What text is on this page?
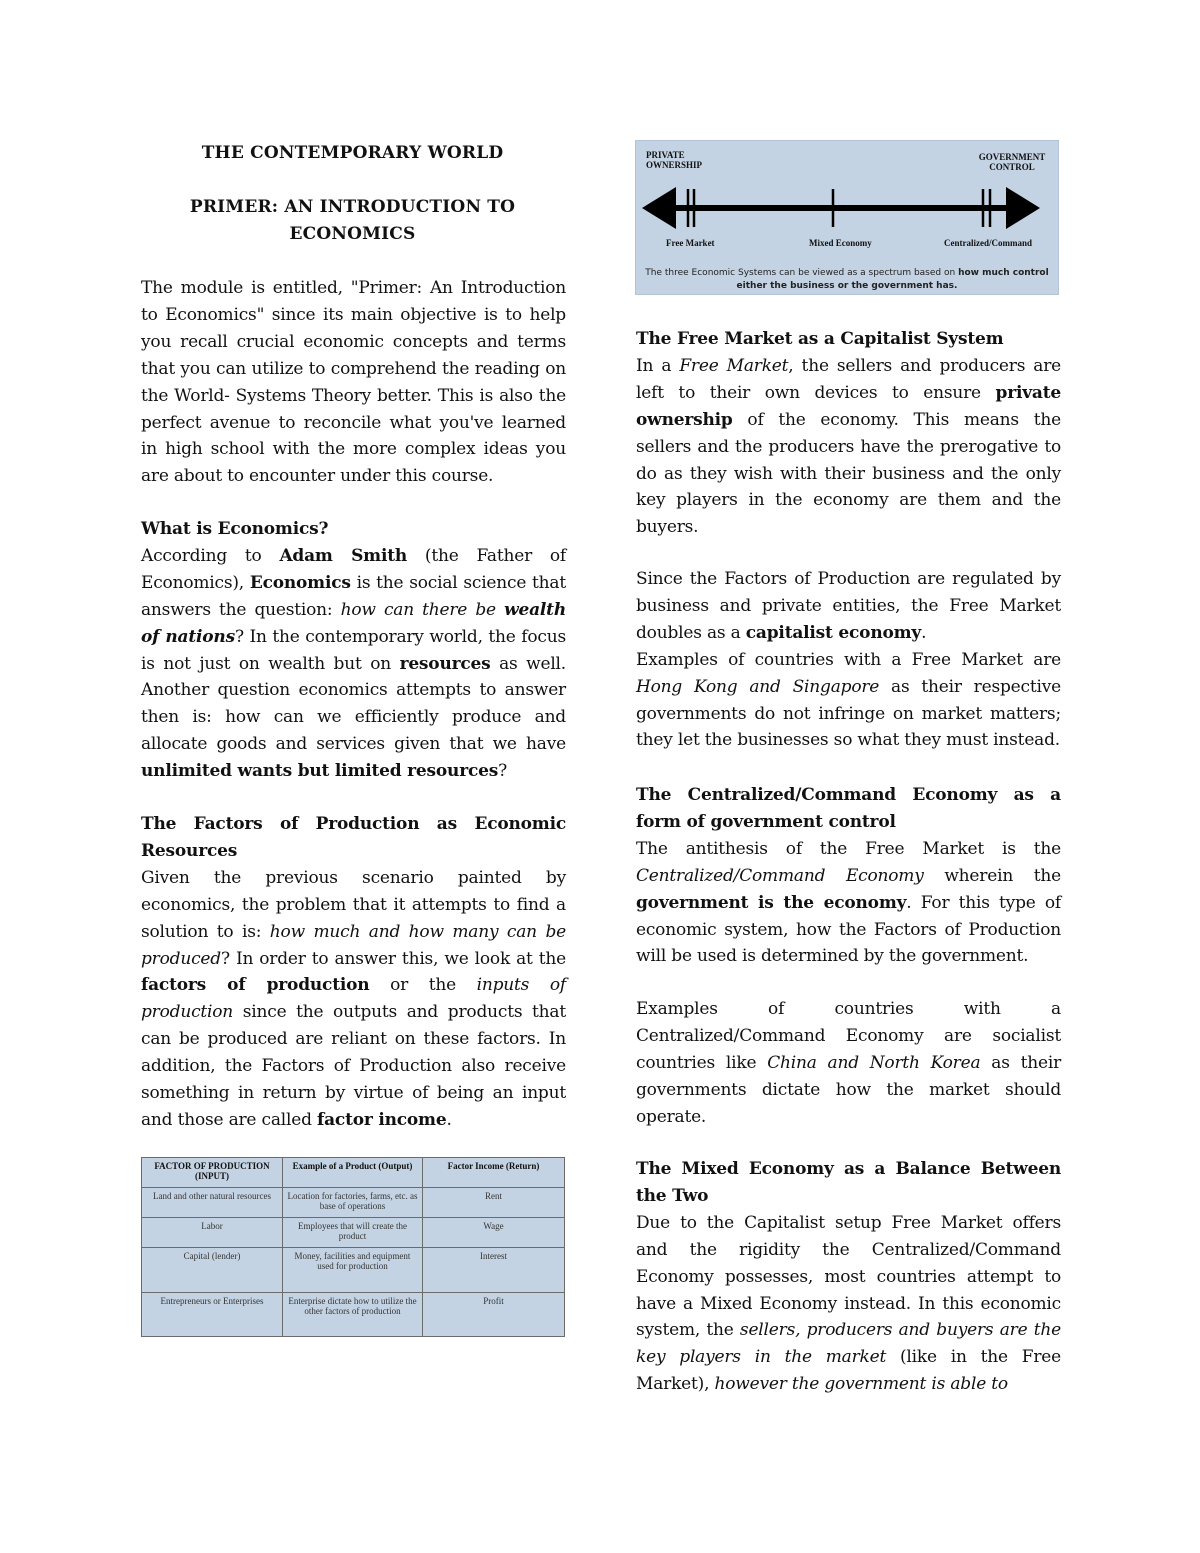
THE CONTEMPORARY WORLD
PRIMER: AN INTRODUCTION TO
ECONOMICS

The module is entitled, "Primer: An Introduction to Economics" since its main objective is to help you recall crucial economic concepts and terms that you can utilize to comprehend the reading on the World- Systems Theory better. This is also the perfect avenue to reconcile what you've learned in high school with the more complex ideas you are about to encounter under this course.

What is Economics?
According to Adam Smith (the Father of Economics), Economics is the social science that answers the question: how can there be wealth of nations? In the contemporary world, the focus is not just on wealth but on resources as well. Another question economics attempts to answer then is: how can we efficiently produce and allocate goods and services given that we have unlimited wants but limited resources?

The Factors of Production as Economic Resources
Given the previous scenario painted by economics, the problem that it attempts to find a solution to is: how much and how many can be produced? In order to answer this, we look at the factors of production or the inputs of production since the outputs and products that can be produced are reliant on these factors. In addition, the Factors of Production also receive something in return by virtue of being an input and those are called factor income.

FACTOR OF PRODUCTION (INPUT)	Example of a Product (Output)	Factor Income (Return)
Land and other natural resources	Location for factories, farms, etc. as base of operations	Rent
Labor	Employees that will create the product	Wage
Capital (lender)	Money, facilities and equipment used for production	Interest
Entrepreneurs or Enterprises	Enterprise dictate how to utilize the other factors of production	Profit
PRIVATE OWNERSHIP
GOVERNMENT CONTROL
Free Market	Mixed Economy	Centralized/Command
The three Economic Systems can be viewed as a spectrum based on how much control either the business or the government has.

The Free Market as a Capitalist System
In a Free Market, the sellers and producers are left to their own devices to ensure private ownership of the economy. This means the sellers and the producers have the prerogative to do as they wish with their business and the only key players in the economy are them and the buyers.

Since the Factors of Production are regulated by business and private entities, the Free Market doubles as a capitalist economy.
Examples of countries with a Free Market are Hong Kong and Singapore as their respective governments do not infringe on market matters; they let the businesses so what they must instead.

The Centralized/Command Economy as a form of government control
The antithesis of the Free Market is the Centralized/Command Economy wherein the government is the economy. For this type of economic system, how the Factors of Production will be used is determined by the government.

Examples of countries with a Centralized/Command Economy are socialist countries like China and North Korea as their governments dictate how the market should operate.

The Mixed Economy as a Balance Between the Two
Due to the Capitalist setup Free Market offers and the rigidity the Centralized/Command Economy possesses, most countries attempt to have a Mixed Economy instead. In this economic system, the sellers, producers and buyers are the key players in the market (like in the Free Market), however the government is able to
